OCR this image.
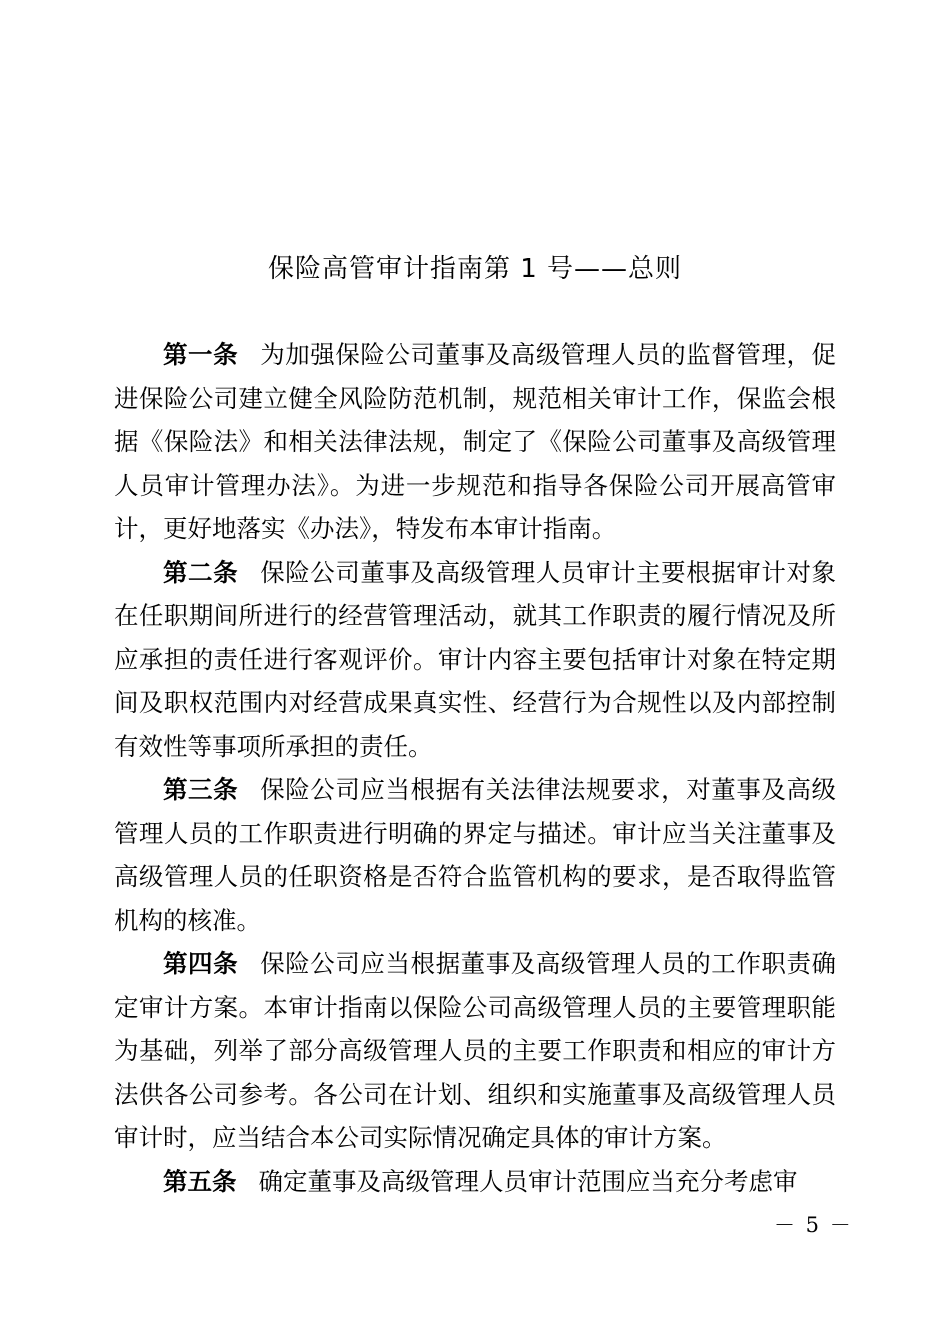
保险高管审计指南第 1 号——总则

第一条 为加强保险公司董事及高级管理人员的监督管理，促进保险公司建立健全风险防范机制，规范相关审计工作，保监会根据《保险法》和相关法律法规，制定了《保险公司董事及高级管理人员审计管理办法》。为进一步规范和指导各保险公司开展高管审计，更好地落实《办法》，特发布本审计指南。

第二条 保险公司董事及高级管理人员审计主要根据审计对象在任职期间所进行的经营管理活动，就其工作职责的履行情况及所应承担的责任进行客观评价。审计内容主要包括审计对象在特定期间及职权范围内对经营成果真实性、经营行为合规性以及内部控制有效性等事项所承担的责任。

第三条 保险公司应当根据有关法律法规要求，对董事及高级管理人员的工作职责进行明确的界定与描述。审计应当关注董事及高级管理人员的任职资格是否符合监管机构的要求，是否取得监管机构的核准。

第四条 保险公司应当根据董事及高级管理人员的工作职责确定审计方案。本审计指南以保险公司高级管理人员的主要管理职能为基础，列举了部分高级管理人员的主要工作职责和相应的审计方法供各公司参考。各公司在计划、组织和实施董事及高级管理人员审计时，应当结合本公司实际情况确定具体的审计方案。

第五条 确定董事及高级管理人员审计范围应当充分考虑审

－ 5 －
